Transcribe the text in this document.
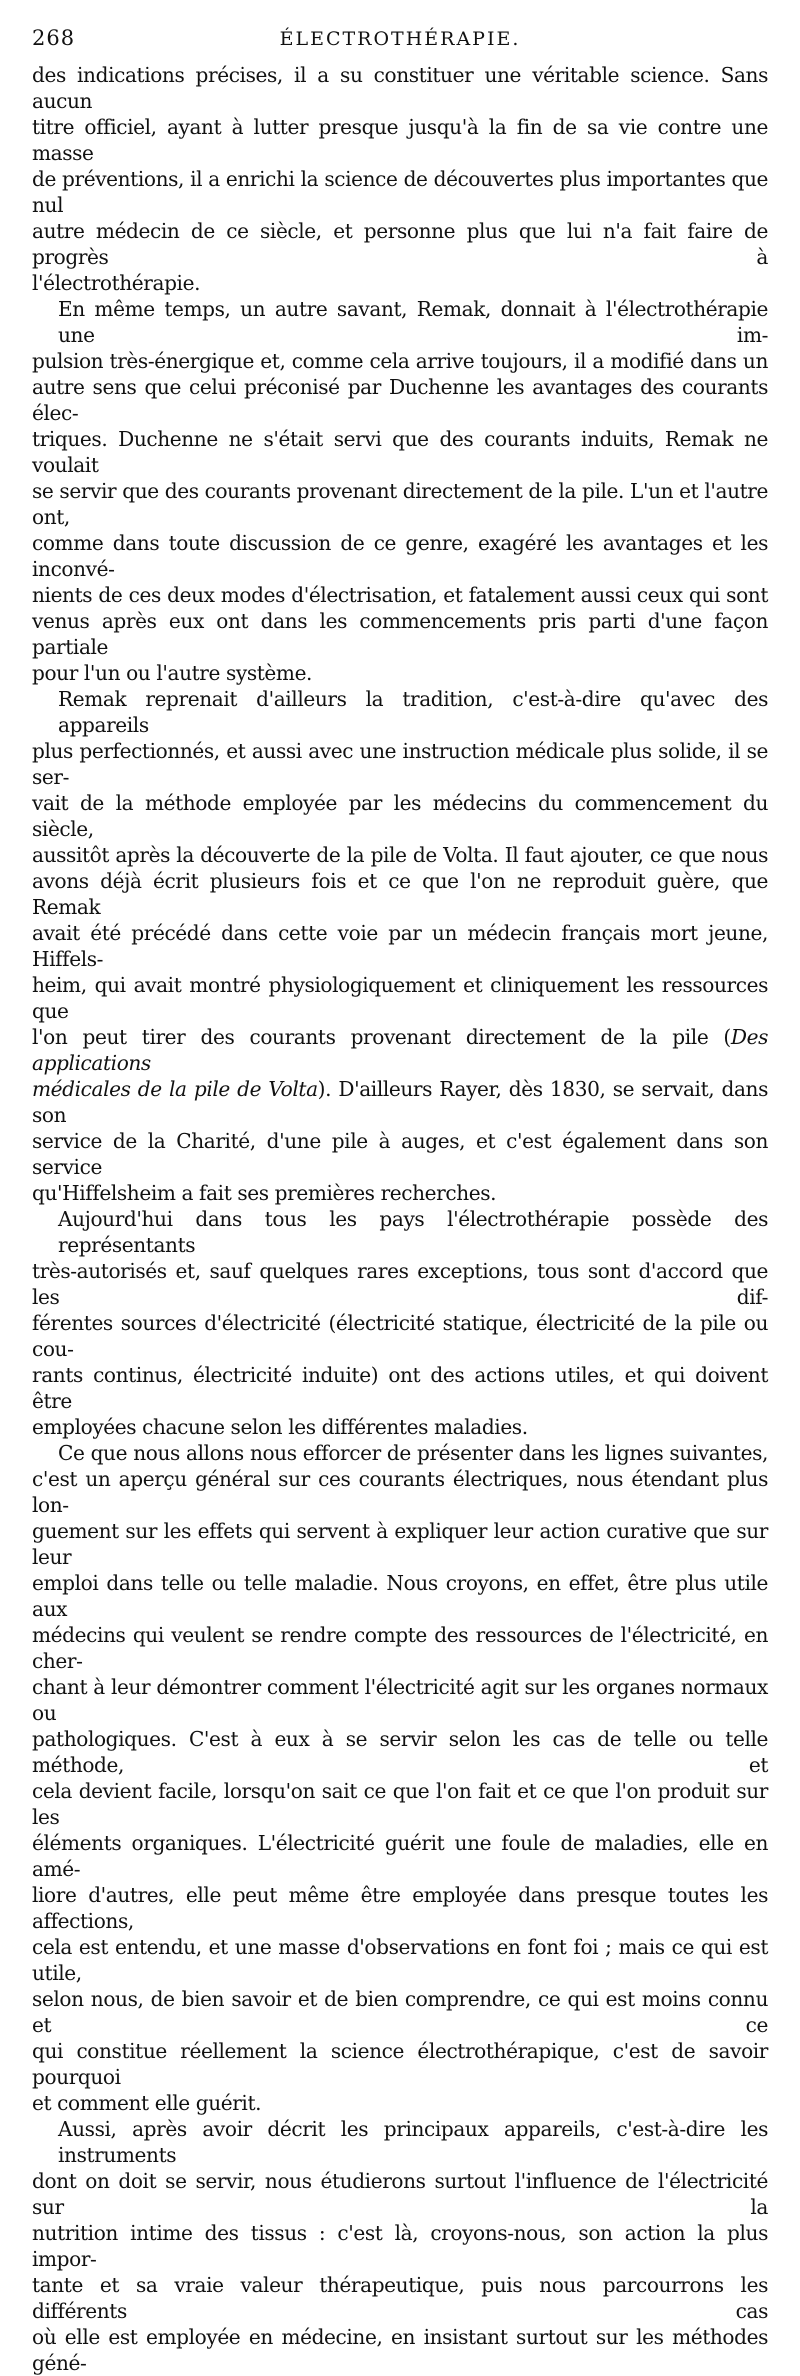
268	ÉLECTROTHÉRAPIE.

des indications précises, il a su constituer une véritable science. Sans aucun
titre officiel, ayant à lutter presque jusqu'à la fin de sa vie contre une masse
de préventions, il a enrichi la science de découvertes plus importantes que nul
autre médecin de ce siècle, et personne plus que lui n'a fait faire de progrès à
l'électrothérapie.

En même temps, un autre savant, Remak, donnait à l'électrothérapie une im-
pulsion très-énergique et, comme cela arrive toujours, il a modifié dans un
autre sens que celui préconisé par Duchenne les avantages des courants élec-
triques. Duchenne ne s'était servi que des courants induits, Remak ne voulait
se servir que des courants provenant directement de la pile. L'un et l'autre ont,
comme dans toute discussion de ce genre, exagéré les avantages et les inconvé-
nients de ces deux modes d'électrisation, et fatalement aussi ceux qui sont
venus après eux ont dans les commencements pris parti d'une façon partiale
pour l'un ou l'autre système.

Remak reprenait d'ailleurs la tradition, c'est-à-dire qu'avec des appareils
plus perfectionnés, et aussi avec une instruction médicale plus solide, il se ser-
vait de la méthode employée par les médecins du commencement du siècle,
aussitôt après la découverte de la pile de Volta. Il faut ajouter, ce que nous
avons déjà écrit plusieurs fois et ce que l'on ne reproduit guère, que Remak
avait été précédé dans cette voie par un médecin français mort jeune, Hiffels-
heim, qui avait montré physiologiquement et cliniquement les ressources que
l'on peut tirer des courants provenant directement de la pile (Des applications
médicales de la pile de Volta). D'ailleurs Rayer, dès 1830, se servait, dans son
service de la Charité, d'une pile à auges, et c'est également dans son service
qu'Hiffelsheim a fait ses premières recherches.

Aujourd'hui dans tous les pays l'électrothérapie possède des représentants
très-autorisés et, sauf quelques rares exceptions, tous sont d'accord que les dif-
férentes sources d'électricité (électricité statique, électricité de la pile ou cou-
rants continus, électricité induite) ont des actions utiles, et qui doivent être
employées chacune selon les différentes maladies.

Ce que nous allons nous efforcer de présenter dans les lignes suivantes,
c'est un aperçu général sur ces courants électriques, nous étendant plus lon-
guement sur les effets qui servent à expliquer leur action curative que sur leur
emploi dans telle ou telle maladie. Nous croyons, en effet, être plus utile aux
médecins qui veulent se rendre compte des ressources de l'électricité, en cher-
chant à leur démontrer comment l'électricité agit sur les organes normaux ou
pathologiques. C'est à eux à se servir selon les cas de telle ou telle méthode, et
cela devient facile, lorsqu'on sait ce que l'on fait et ce que l'on produit sur les
éléments organiques. L'électricité guérit une foule de maladies, elle en amé-
liore d'autres, elle peut même être employée dans presque toutes les affections,
cela est entendu, et une masse d'observations en font foi ; mais ce qui est utile,
selon nous, de bien savoir et de bien comprendre, ce qui est moins connu et ce
qui constitue réellement la science électrothérapique, c'est de savoir pourquoi
et comment elle guérit.

Aussi, après avoir décrit les principaux appareils, c'est-à-dire les instruments
dont on doit se servir, nous étudierons surtout l'influence de l'électricité sur la
nutrition intime des tissus : c'est là, croyons-nous, son action la plus impor-
tante et sa vraie valeur thérapeutique, puis nous parcourrons les différents cas
où elle est employée en médecine, en insistant surtout sur les méthodes géné-
